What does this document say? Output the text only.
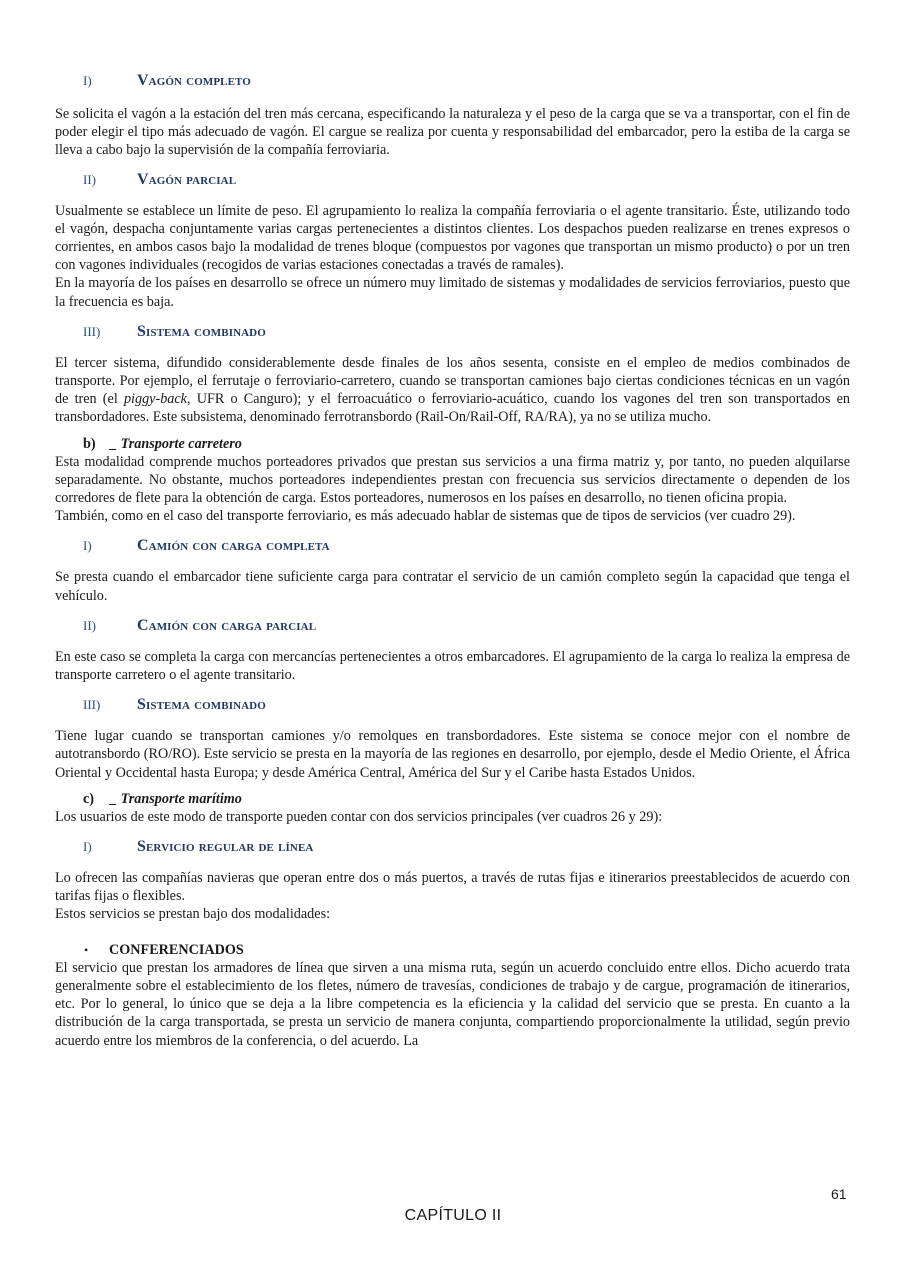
I)	Vagón completo

Se solicita el vagón a la estación del tren más cercana, especificando la naturaleza y el peso de la carga que se va a transportar, con el fin de poder elegir el tipo más adecuado de vagón. El cargue se realiza por cuenta y responsabilidad del embarcador, pero la estiba de la carga se lleva a cabo bajo la supervisión de la compañía ferroviaria.

II)	Vagón parcial

Usualmente se establece un límite de peso. El agrupamiento lo realiza la compañía ferroviaria o el agente transitario. Éste, utilizando todo el vagón, despacha conjuntamente varias cargas pertenecientes a distintos clientes. Los despachos pueden realizarse en trenes expresos o corrientes, en ambos casos bajo la modalidad de trenes bloque (compuestos por vagones que transportan un mismo producto) o por un tren con vagones individuales (recogidos de varias estaciones conectadas a través de ramales).

En la mayoría de los países en desarrollo se ofrece un número muy limitado de sistemas y modalidades de servicios ferroviarios, puesto que la frecuencia es baja.

III)	Sistema combinado

El tercer sistema, difundido considerablemente desde finales de los años sesenta, consiste en el empleo de medios combinados de transporte. Por ejemplo, el ferrutaje o ferroviario-carretero, cuando se transportan camiones bajo ciertas condiciones técnicas en un vagón de tren (el piggy-back, UFR o Canguro); y el ferroacuático o ferroviario-acuático, cuando los vagones del tren son transportados en transbordadores. Este subsistema, denominado ferrotransbordo (Rail-On/Rail-Off, RA/RA), ya no se utiliza mucho.

b)	_ Transporte carretero

Esta modalidad comprende muchos porteadores privados que prestan sus servicios a una firma matriz y, por tanto, no pueden alquilarse separadamente. No obstante, muchos porteadores independientes prestan con frecuencia sus servicios directamente o dependen de los corredores de flete para la obtención de carga. Estos porteadores, numerosos en los países en desarrollo, no tienen oficina propia.

También, como en el caso del transporte ferroviario, es más adecuado hablar de sistemas que de tipos de servicios (ver cuadro 29).

I)	Camión con carga completa

Se presta cuando el embarcador tiene suficiente carga para contratar el servicio de un camión completo según la capacidad que tenga el vehículo.

II)	Camión con carga parcial

En este caso se completa la carga con mercancías pertenecientes a otros embarcadores. El agrupamiento de la carga lo realiza la empresa de transporte carretero o el agente transitario.

III)	Sistema combinado

Tiene lugar cuando se transportan camiones y/o remolques en transbordadores. Este sistema se conoce mejor con el nombre de autotransbordo (RO/RO). Este servicio se presta en la mayoría de las regiones en desarrollo, por ejemplo, desde el Medio Oriente, el África Oriental y Occidental hasta Europa; y desde América Central, América del Sur y el Caribe hasta Estados Unidos.

c)	_ Transporte marítimo

Los usuarios de este modo de transporte pueden contar con dos servicios principales (ver cuadros 26 y 29):

I)	Servicio regular de línea

Lo ofrecen las compañías navieras que operan entre dos o más puertos, a través de rutas fijas e itinerarios preestablecidos de acuerdo con tarifas fijas o flexibles.

Estos servicios se prestan bajo dos modalidades:

•	CONFERENCIADOS

El servicio que prestan los armadores de línea que sirven a una misma ruta, según un acuerdo concluido entre ellos. Dicho acuerdo trata generalmente sobre el establecimiento de los fletes, número de travesías, condiciones de trabajo y de cargue, programación de itinerarios, etc. Por lo general, lo único que se deja a la libre competencia es la eficiencia y la calidad del servicio que se presta. En cuanto a la distribución de la carga transportada, se presta un servicio de manera conjunta, compartiendo proporcionalmente la utilidad, según previo acuerdo entre los miembros de la conferencia, o del acuerdo. La

61
CAPÍTULO II
